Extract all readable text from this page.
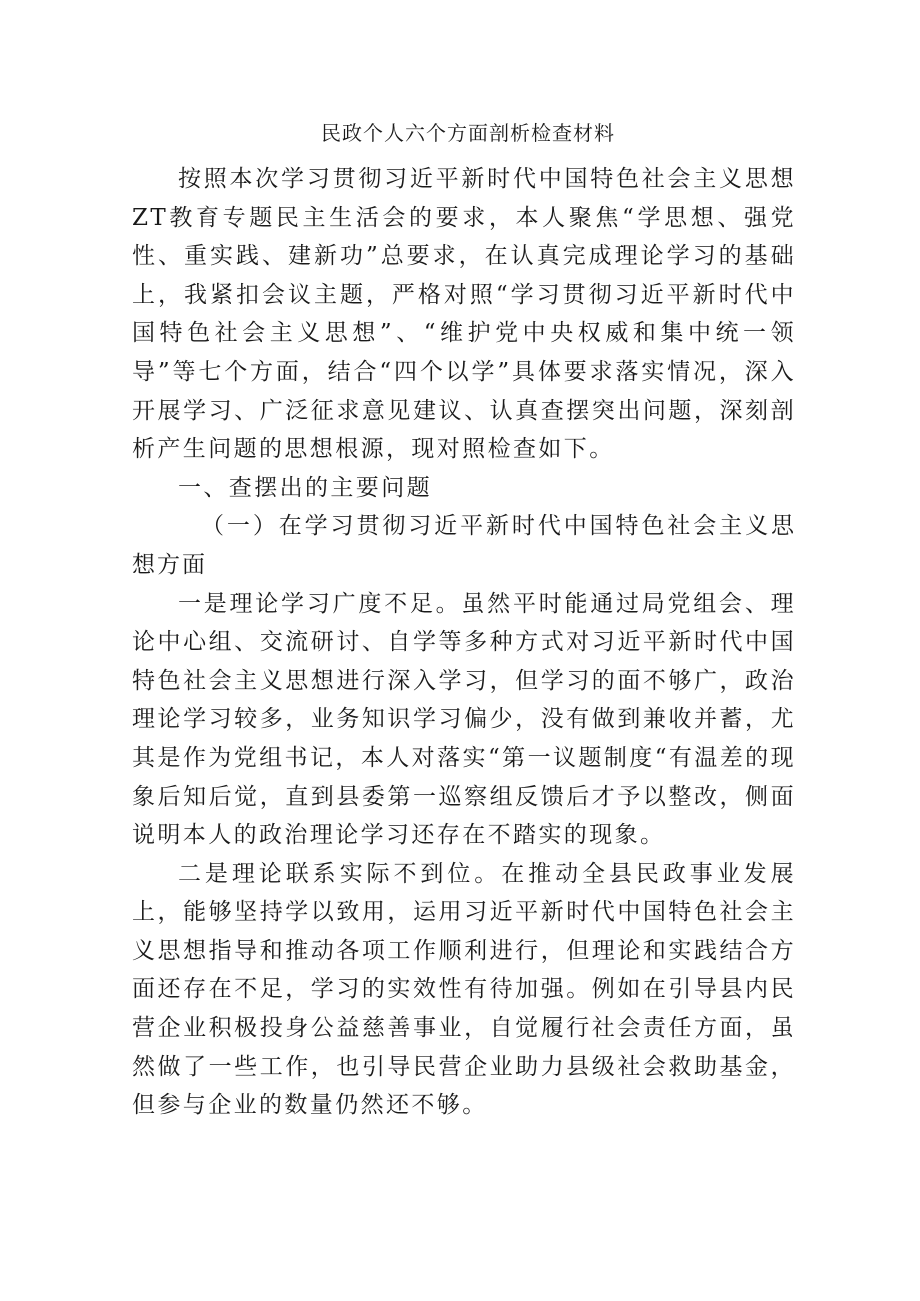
民政个人六个方面剖析检查材料

按照本次学习贯彻习近平新时代中国特色社会主义思想ZT教育专题民主生活会的要求，本人聚焦“学思想、强党性、重实践、建新功”总要求，在认真完成理论学习的基础上，我紧扣会议主题，严格对照“学习贯彻习近平新时代中国特色社会主义思想”、“维护党中央权威和集中统一领导”等七个方面，结合“四个以学”具体要求落实情况，深入开展学习、广泛征求意见建议、认真查摆突出问题，深刻剖析产生问题的思想根源，现对照检查如下。

一、查摆出的主要问题

（一）在学习贯彻习近平新时代中国特色社会主义思想方面

一是理论学习广度不足。虽然平时能通过局党组会、理论中心组、交流研讨、自学等多种方式对习近平新时代中国特色社会主义思想进行深入学习，但学习的面不够广，政治理论学习较多，业务知识学习偏少，没有做到兼收并蓄，尤其是作为党组书记，本人对落实“第一议题制度“有温差的现象后知后觉，直到县委第一巡察组反馈后才予以整改，侧面说明本人的政治理论学习还存在不踏实的现象。

二是理论联系实际不到位。在推动全县民政事业发展上，能够坚持学以致用，运用习近平新时代中国特色社会主义思想指导和推动各项工作顺利进行，但理论和实践结合方面还存在不足，学习的实效性有待加强。例如在引导县内民营企业积极投身公益慈善事业，自觉履行社会责任方面，虽然做了一些工作，也引导民营企业助力县级社会救助基金，但参与企业的数量仍然还不够。
